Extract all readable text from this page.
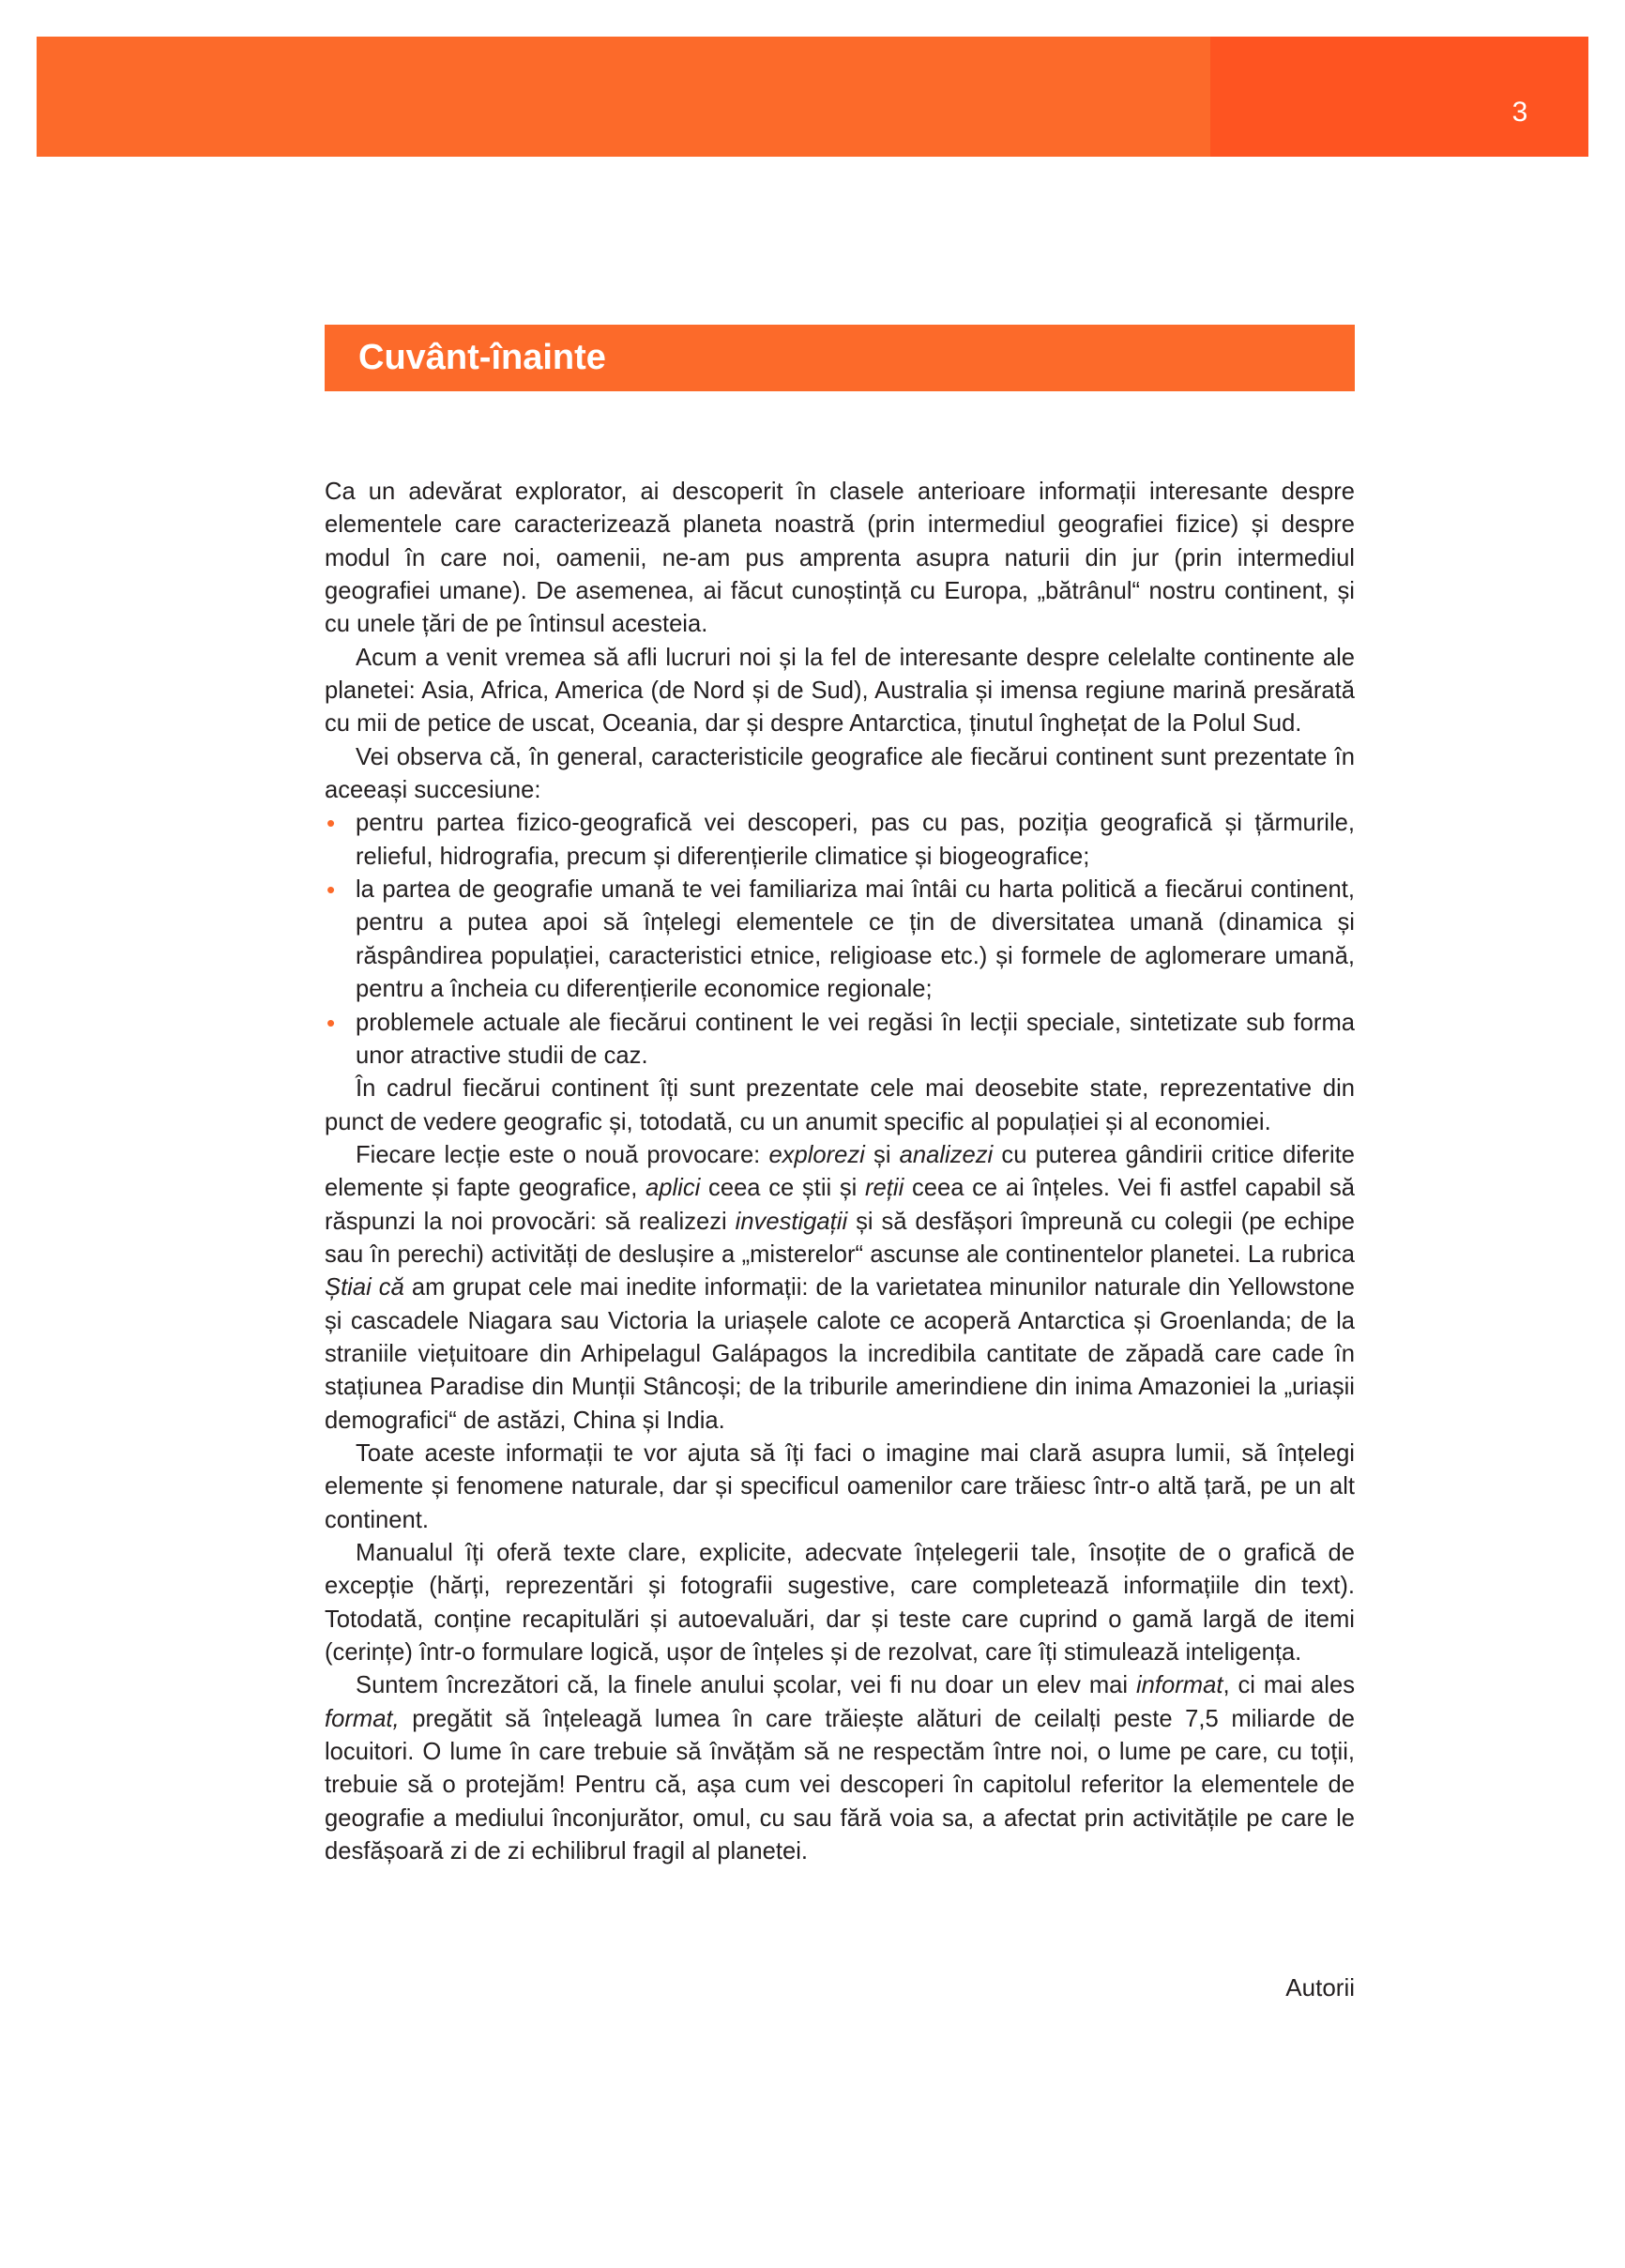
3
Cuvânt-înainte

Ca un adevărat explorator, ai descoperit în clasele anterioare informații interesante despre elementele care caracterizează planeta noastră (prin intermediul geografiei fizice) și despre modul în care noi, oamenii, ne-am pus amprenta asupra naturii din jur (prin intermediul geografiei umane). De asemenea, ai făcut cunoștință cu Europa, „bătrânul“ nostru continent, și cu unele țări de pe întinsul acesteia.

Acum a venit vremea să afli lucruri noi și la fel de interesante despre celelalte continente ale planetei: Asia, Africa, America (de Nord și de Sud), Australia și imensa regiune marină presărată cu mii de petice de uscat, Oceania, dar și despre Antarctica, ținutul înghețat de la Polul Sud.

Vei observa că, în general, caracteristicile geografice ale fiecărui continent sunt prezentate în aceeași succesiune:

• pentru partea fizico-geografică vei descoperi, pas cu pas, poziția geografică și țărmurile, relieful, hidrografia, precum și diferențierile climatice și biogeografice;
• la partea de geografie umană te vei familiariza mai întâi cu harta politică a fiecărui continent, pentru a putea apoi să înțelegi elementele ce țin de diversitatea umană (dinamica și răspândirea populației, caracteristici etnice, religioase etc.) și formele de aglomerare umană, pentru a încheia cu diferențierile economice regionale;
• problemele actuale ale fiecărui continent le vei regăsi în lecții speciale, sintetizate sub forma unor atractive studii de caz.

În cadrul fiecărui continent îți sunt prezentate cele mai deosebite state, reprezentative din punct de vedere geografic și, totodată, cu un anumit specific al populației și al economiei.

Fiecare lecție este o nouă provocare: explorezi și analizezi cu puterea gândirii critice diferite elemente și fapte geografice, aplici ceea ce știi și reții ceea ce ai înțeles. Vei fi astfel capabil să răspunzi la noi provocări: să realizezi investigații și să desfășori împreună cu colegii (pe echipe sau în perechi) activități de deslușire a „misterelor“ ascunse ale continentelor planetei. La rubrica Știai că am grupat cele mai inedite informații: de la varietatea minunilor naturale din Yellowstone și cascadele Niagara sau Victoria la uriașele calote ce acoperă Antarctica și Groenlanda; de la straniile viețuitoare din Arhipelagul Galápagos la incredibila cantitate de zăpadă care cade în stațiunea Paradise din Munții Stâncoși; de la triburile amerindiene din inima Amazoniei la „uriașii demografici“ de astăzi, China și India.

Toate aceste informații te vor ajuta să îți faci o imagine mai clară asupra lumii, să înțelegi elemente și fenomene naturale, dar și specificul oamenilor care trăiesc într-o altă țară, pe un alt continent.

Manualul îți oferă texte clare, explicite, adecvate înțelegerii tale, însoțite de o grafică de excepție (hărți, reprezentări și fotografii sugestive, care completează informațiile din text). Totodată, conține recapitulări și autoevaluări, dar și teste care cuprind o gamă largă de itemi (cerințe) într-o formulare logică, ușor de înțeles și de rezolvat, care îți stimulează inteligența.

Suntem încrezători că, la finele anului școlar, vei fi nu doar un elev mai informat, ci mai ales format, pregătit să înțeleagă lumea în care trăiește alături de ceilalți peste 7,5 miliarde de locuitori. O lume în care trebuie să învățăm să ne respectăm între noi, o lume pe care, cu toții, trebuie să o protejăm! Pentru că, așa cum vei descoperi în capitolul referitor la elementele de geografie a mediului înconjurător, omul, cu sau fără voia sa, a afectat prin activitățile pe care le desfășoară zi de zi echilibrul fragil al planetei.

Autorii
